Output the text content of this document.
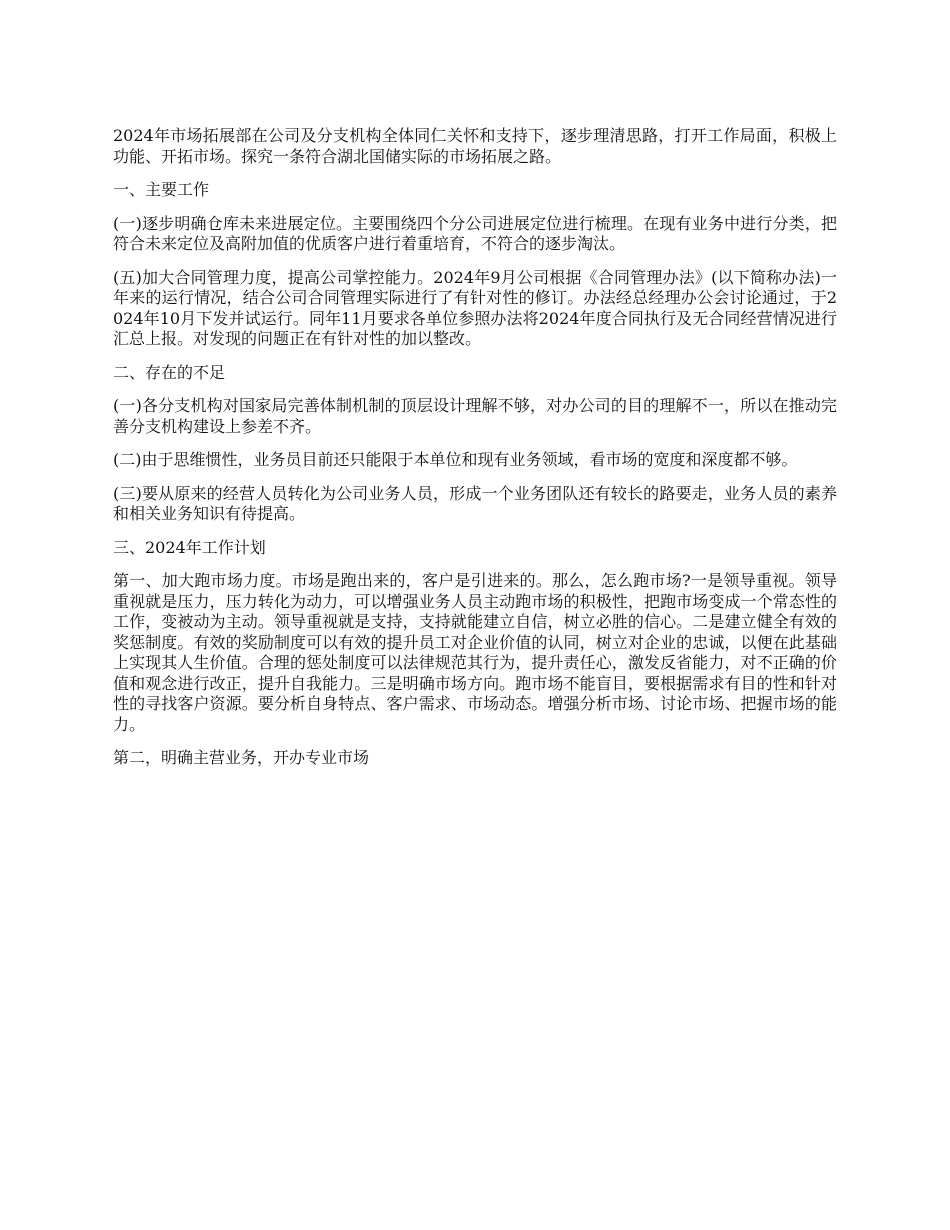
2024年市场拓展部在公司及分支机构全体同仁关怀和支持下，逐步理清思路，打开工作局面，积极上功能、开拓市场。探究一条符合湖北国储实际的市场拓展之路。

一、主要工作

(一)逐步明确仓库未来进展定位。主要围绕四个分公司进展定位进行梳理。在现有业务中进行分类，把符合未来定位及高附加值的优质客户进行着重培育，不符合的逐步淘汰。

(五)加大合同管理力度，提高公司掌控能力。2024年9月公司根据《合同管理办法》(以下简称办法)一年来的运行情况，结合公司合同管理实际进行了有针对性的修订。办法经总经理办公会讨论通过，于2024年10月下发并试运行。同年11月要求各单位参照办法将2024年度合同执行及无合同经营情况进行汇总上报。对发现的问题正在有针对性的加以整改。

二、存在的不足

(一)各分支机构对国家局完善体制机制的顶层设计理解不够，对办公司的目的理解不一，所以在推动完善分支机构建设上参差不齐。

(二)由于思维惯性，业务员目前还只能限于本单位和现有业务领域，看市场的宽度和深度都不够。

(三)要从原来的经营人员转化为公司业务人员，形成一个业务团队还有较长的路要走，业务人员的素养和相关业务知识有待提高。

三、2024年工作计划

第一、加大跑市场力度。市场是跑出来的，客户是引进来的。那么，怎么跑市场?一是领导重视。领导重视就是压力，压力转化为动力，可以增强业务人员主动跑市场的积极性，把跑市场变成一个常态性的工作，变被动为主动。领导重视就是支持，支持就能建立自信，树立必胜的信心。二是建立健全有效的奖惩制度。有效的奖励制度可以有效的提升员工对企业价值的认同，树立对企业的忠诚，以便在此基础上实现其人生价值。合理的惩处制度可以法律规范其行为，提升责任心，激发反省能力，对不正确的价值和观念进行改正，提升自我能力。三是明确市场方向。跑市场不能盲目，要根据需求有目的性和针对性的寻找客户资源。要分析自身特点、客户需求、市场动态。增强分析市场、讨论市场、把握市场的能力。

第二，明确主营业务，开办专业市场
